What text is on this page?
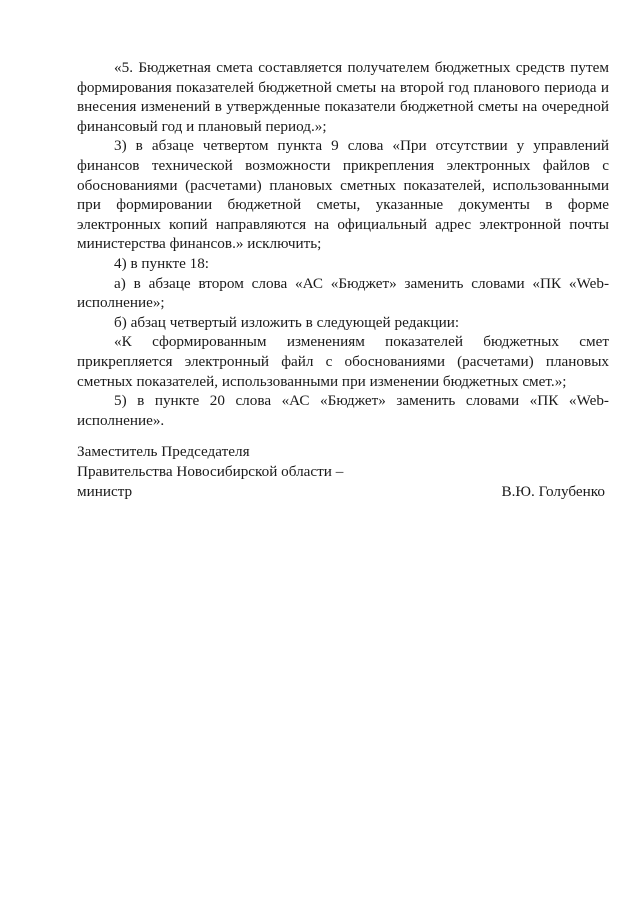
«5. Бюджетная смета составляется получателем бюджетных средств путем формирования показателей бюджетной сметы на второй год планового периода и внесения изменений в утвержденные показатели бюджетной сметы на очередной финансовый год и плановый период.»;

3) в абзаце четвертом пункта 9 слова «При отсутствии у управлений финансов технической возможности прикрепления электронных файлов с обоснованиями (расчетами) плановых сметных показателей, использованными при формировании бюджетной сметы, указанные документы в форме электронных копий направляются на официальный адрес электронной почты министерства финансов.» исключить;

4) в пункте 18:

а) в абзаце втором слова «АС «Бюджет» заменить словами «ПК «Web-исполнение»;

б) абзац четвертый изложить в следующей редакции:

«К сформированным изменениям показателей бюджетных смет прикрепляется электронный файл с обоснованиями (расчетами) плановых сметных показателей, использованными при изменении бюджетных смет.»;

5) в пункте 20 слова «АС «Бюджет» заменить словами «ПК «Web-исполнение».

Заместитель Председателя
Правительства Новосибирской области –
министр	В.Ю. Голубенко
